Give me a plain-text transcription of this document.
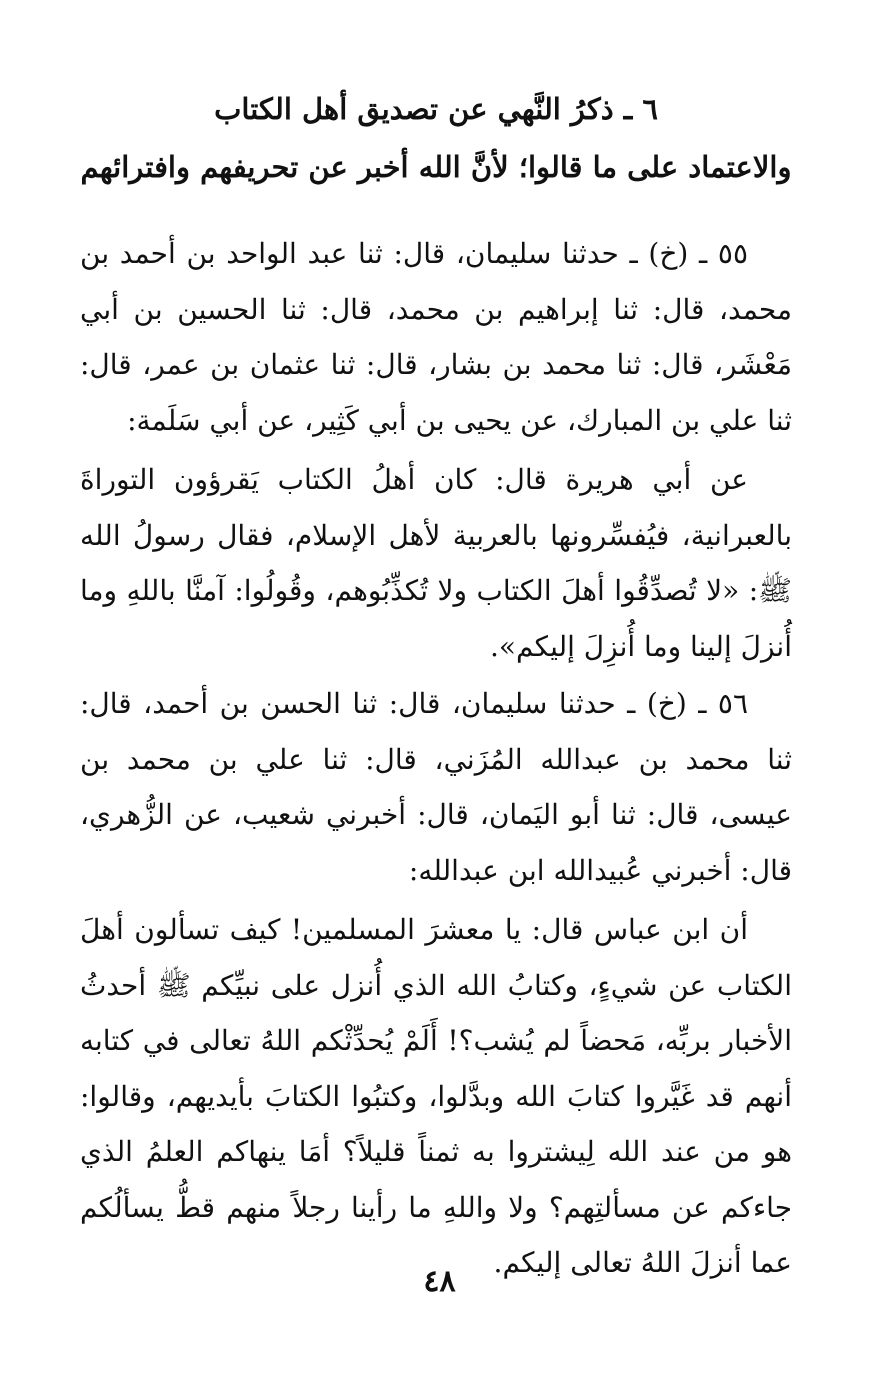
٦ ـ ذكرُ النَّهي عن تصديق أهل الكتاب

والاعتماد على ما قالوا؛ لأنَّ الله أخبر عن تحريفهم وافترائهم

٥٥ ـ (خ) ـ حدثنا سليمان، قال: ثنا عبد الواحد بن أحمد بن محمد، قال: ثنا إبراهيم بن محمد، قال: ثنا الحسين بن أبي مَعْشَر، قال: ثنا محمد بن بشار، قال: ثنا عثمان بن عمر، قال: ثنا علي بن المبارك، عن يحيى بن أبي كَثِير، عن أبي سَلَمة:

عن أبي هريرة قال: كان أهلُ الكتاب يَقرؤون التوراةَ بالعبرانية، فيُفسِّرونها بالعربية لأهل الإسلام، فقال رسولُ الله ﷺ: «لا تُصدِّقُوا أهلَ الكتاب ولا تُكذِّبُوهم، وقُولُوا: آمنَّا باللهِ وما أُنزلَ إلينا وما أُنزِلَ إليكم».

٥٦ ـ (خ) ـ حدثنا سليمان، قال: ثنا الحسن بن أحمد، قال: ثنا محمد بن عبدالله المُزَني، قال: ثنا علي بن محمد بن عيسى، قال: ثنا أبو اليَمان، قال: أخبرني شعيب، عن الزُّهري، قال: أخبرني عُبيدالله ابن عبدالله:

أن ابن عباس قال: يا معشرَ المسلمين! كيف تسألون أهلَ الكتاب عن شيءٍ، وكتابُ الله الذي أُنزل على نبيِّكم ﷺ أحدثُ الأخبار بربِّه، مَحضاً لم يُشب؟! أَلَمْ يُحدِّثْكم اللهُ تعالى في كتابه أنهم قد غَيَّروا كتابَ الله وبدَّلوا، وكتبُوا الكتابَ بأيديهم، وقالوا: هو من عند الله لِيشتروا به ثمناً قليلاً؟ أمَا ينهاكم العلمُ الذي جاءكم عن مسألتِهم؟ ولا واللهِ ما رأينا رجلاً منهم قطُّ يسألُكم عما أنزلَ اللهُ تعالى إليكم.

٤٨
